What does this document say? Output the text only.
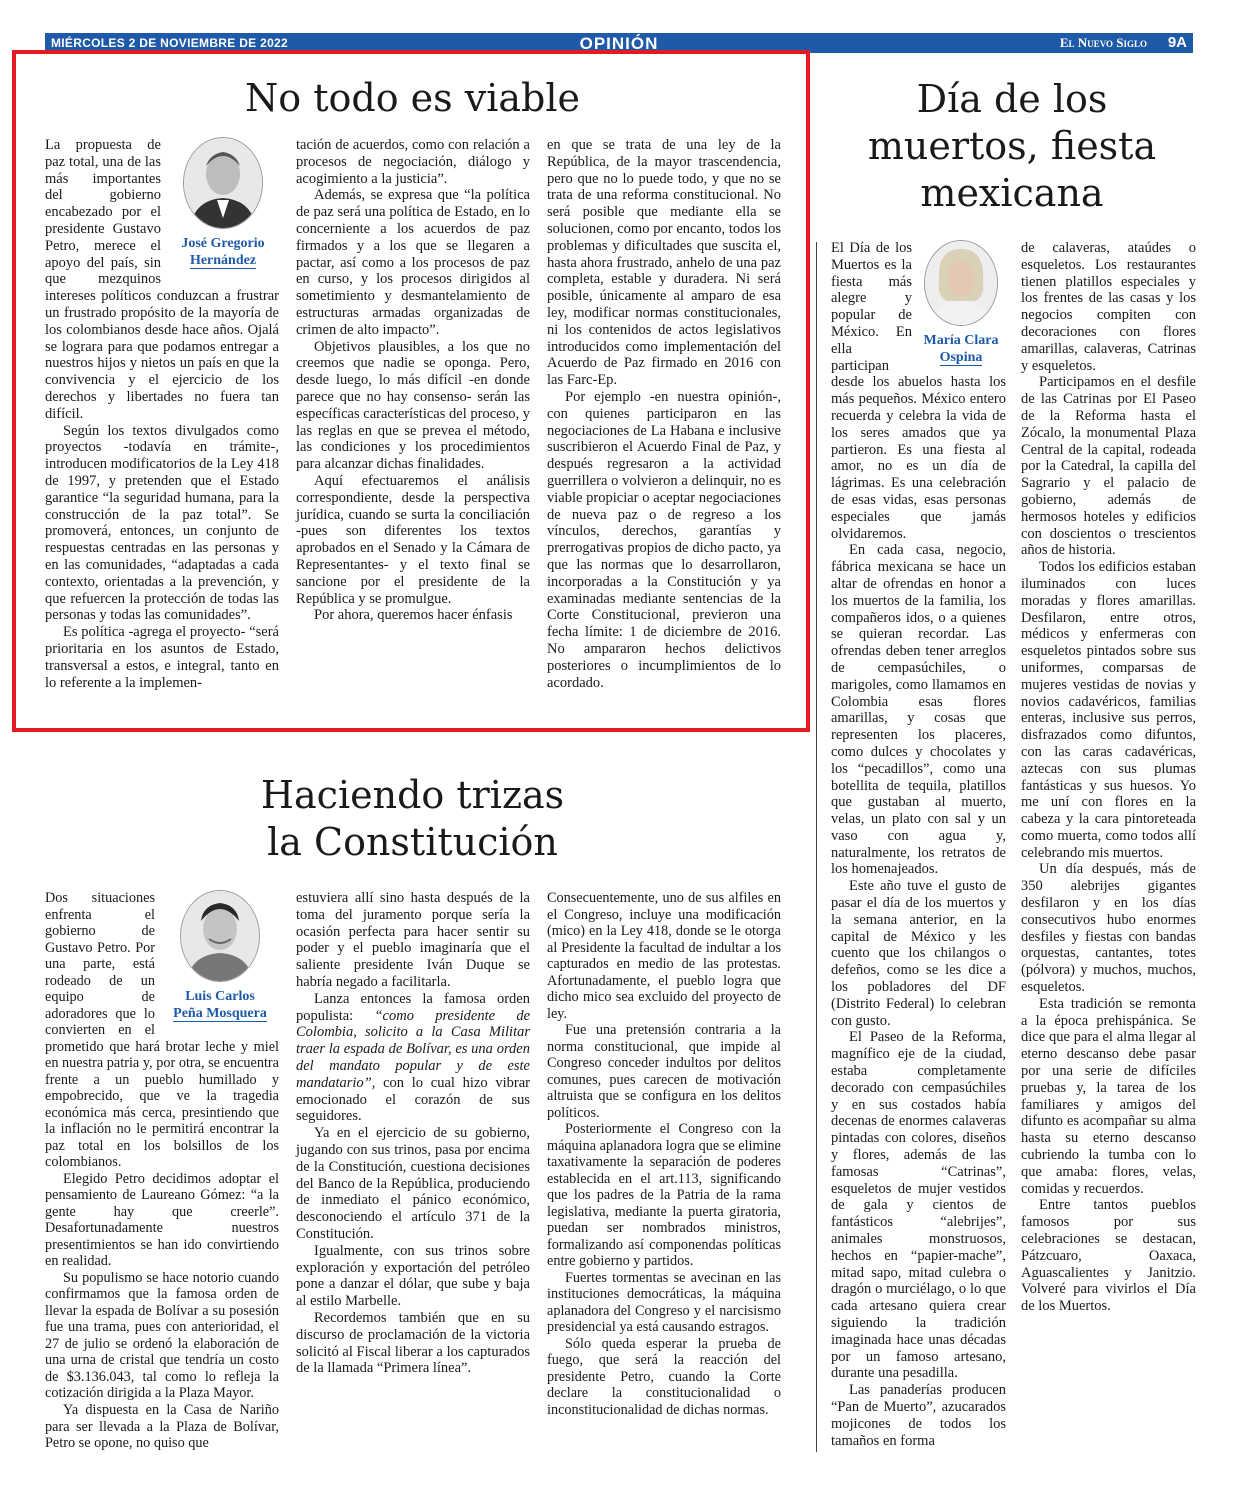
MIÉRCOLES 2 DE NOVIEMBRE DE 2022	OPINIÓN	El Nuevo Siglo 9A
No todo es viable
José Gregorio
Hernández

La propuesta de paz total, una de las más importantes del gobierno encabezado por el presidente Gustavo Petro, merece el apoyo del país, sin que mezquinos intereses políticos conduzcan a frustrar un frustrado propósito de la mayoría de los colombianos desde hace años. Ojalá se lograra para que podamos entregar a nuestros hijos y nietos un país en que la convivencia y el ejercicio de los derechos y libertades no fuera tan difícil.

Según los textos divulgados como proyectos -todavía en trámite-, introducen modificatorios de la Ley 418 de 1997, y pretenden que el Estado garantice “la seguridad humana, para la construcción de la paz total”. Se promoverá, entonces, un conjunto de respuestas centradas en las personas y en las comunidades, “adaptadas a cada contexto, orientadas a la prevención, y que refuercen la protección de todas las personas y todas las comunidades”.

Es política -agrega el proyecto- “será prioritaria en los asuntos de Estado, transversal a estos, e integral, tanto en lo referente a la implemen-

tación de acuerdos, como con relación a procesos de negociación, diálogo y acogimiento a la justicia”.

Además, se expresa que “la política de paz será una política de Estado, en lo concerniente a los acuerdos de paz firmados y a los que se llegaren a pactar, así como a los procesos de paz en curso, y los procesos dirigidos al sometimiento y desmantelamiento de estructuras armadas organizadas de crimen de alto impacto”.

Objetivos plausibles, a los que no creemos que nadie se oponga. Pero, desde luego, lo más difícil -en donde parece que no hay consenso- serán las específicas características del proceso, y las reglas en que se prevea el método, las condiciones y los procedimientos para alcanzar dichas finalidades.

Aquí efectuaremos el análisis correspondiente, desde la perspectiva jurídica, cuando se surta la conciliación -pues son diferentes los textos aprobados en el Senado y la Cámara de Representantes- y el texto final se sancione por el presidente de la República y se promulgue.

Por ahora, queremos hacer énfasis

en que se trata de una ley de la República, de la mayor trascendencia, pero que no lo puede todo, y que no se trata de una reforma constitucional. No será posible que mediante ella se solucionen, como por encanto, todos los problemas y dificultades que suscita el, hasta ahora frustrado, anhelo de una paz completa, estable y duradera. Ni será posible, únicamente al amparo de esa ley, modificar normas constitucionales, ni los contenidos de actos legislativos introducidos como implementación del Acuerdo de Paz firmado en 2016 con las Farc-Ep.

Por ejemplo -en nuestra opinión-, con quienes participaron en las negociaciones de La Habana e inclusive suscribieron el Acuerdo Final de Paz, y después regresaron a la actividad guerrillera o volvieron a delinquir, no es viable propiciar o aceptar negociaciones de nueva paz o de regreso a los vínculos, derechos, garantías y prerrogativas propios de dicho pacto, ya que las normas que lo desarrollaron, incorporadas a la Constitución y ya examinadas mediante sentencias de la Corte Constitucional, previeron una fecha límite: 1 de diciembre de 2016. No ampararon hechos delictivos posteriores o incumplimientos de lo acordado.

Haciendo trizas
la Constitución
Luis Carlos
Peña Mosquera

Dos situaciones enfrenta el gobierno de Gustavo Petro. Por una parte, está rodeado de un equipo de adoradores que lo convierten en el prometido que hará brotar leche y miel en nuestra patria y, por otra, se encuentra frente a un pueblo humillado y empobrecido, que ve la tragedia económica más cerca, presintiendo que la inflación no le permitirá encontrar la paz total en los bolsillos de los colombianos.

Elegido Petro decidimos adoptar el pensamiento de Laureano Gómez: “a la gente hay que creerle”. Desafortunadamente nuestros presentimientos se han ido convirtiendo en realidad.

Su populismo se hace notorio cuando confirmamos que la famosa orden de llevar la espada de Bolívar a su posesión fue una trama, pues con anterioridad, el 27 de julio se ordenó la elaboración de una urna de cristal que tendría un costo de $3.136.043, tal como lo refleja la cotización dirigida a la Plaza Mayor.

Ya dispuesta en la Casa de Nariño para ser llevada a la Plaza de Bolívar, Petro se opone, no quiso que

estuviera allí sino hasta después de la toma del juramento porque sería la ocasión perfecta para hacer sentir su poder y el pueblo imaginaría que el saliente presidente Iván Duque se habría negado a facilitarla.

Lanza entonces la famosa orden populista: “como presidente de Colombia, solicito a la Casa Militar traer la espada de Bolívar, es una orden del mandato popular y de este mandatario”, con lo cual hizo vibrar emocionado el corazón de sus seguidores.

Ya en el ejercicio de su gobierno, jugando con sus trinos, pasa por encima de la Constitución, cuestiona decisiones del Banco de la República, produciendo de inmediato el pánico económico, desconociendo el artículo 371 de la Constitución.

Igualmente, con sus trinos sobre exploración y exportación del petróleo pone a danzar el dólar, que sube y baja al estilo Marbelle.

Recordemos también que en su discurso de proclamación de la victoria solicitó al Fiscal liberar a los capturados de la llamada “Primera línea”.

Consecuentemente, uno de sus alfiles en el Congreso, incluye una modificación (mico) en la Ley 418, donde se le otorga al Presidente la facultad de indultar a los capturados en medio de las protestas. Afortunadamente, el pueblo logra que dicho mico sea excluido del proyecto de ley.

Fue una pretensión contraria a la norma constitucional, que impide al Congreso conceder indultos por delitos comunes, pues carecen de motivación altruista que se configura en los delitos políticos.

Posteriormente el Congreso con la máquina aplanadora logra que se elimine taxativamente la separación de poderes establecida en el art.113, significando que los padres de la Patria de la rama legislativa, mediante la puerta giratoria, puedan ser nombrados ministros, formalizando así componendas políticas entre gobierno y partidos.

Fuertes tormentas se avecinan en las instituciones democráticas, la máquina aplanadora del Congreso y el narcisismo presidencial ya está causando estragos.

Sólo queda esperar la prueba de fuego, que será la reacción del presidente Petro, cuando la Corte declare la constitucionalidad o inconstitucionalidad de dichas normas.

Día de los
muertos, fiesta
mexicana
María Clara
Ospina

El Día de los Muertos es la fiesta más alegre y popular de México. En ella participan desde los abuelos hasta los más pequeños. México entero recuerda y celebra la vida de los seres amados que ya partieron. Es una fiesta al amor, no es un día de lágrimas. Es una celebración de esas vidas, esas personas especiales que jamás olvidaremos.

En cada casa, negocio, fábrica mexicana se hace un altar de ofrendas en honor a los muertos de la familia, los compañeros idos, o a quienes se quieran recordar. Las ofrendas deben tener arreglos de cempasúchiles, o marigoles, como llamamos en Colombia esas flores amarillas, y cosas que representen los placeres, como dulces y chocolates y los “pecadillos”, como una botellita de tequila, platillos que gustaban al muerto, velas, un plato con sal y un vaso con agua y, naturalmente, los retratos de los homenajeados.

Este año tuve el gusto de pasar el día de los muertos y la semana anterior, en la capital de México y les cuento que los chilangos o defeños, como se les dice a los pobladores del DF (Distrito Federal) lo celebran con gusto.

El Paseo de la Reforma, magnífico eje de la ciudad, estaba completamente decorado con cempasúchiles y en sus costados había decenas de enormes calaveras pintadas con colores, diseños y flores, además de las famosas “Catrinas”, esqueletos de mujer vestidos de gala y cientos de fantásticos “alebrijes”, animales monstruosos, hechos en “papier-mache”, mitad sapo, mitad culebra o dragón o murciélago, o lo que cada artesano quiera crear siguiendo la tradición imaginada hace unas décadas por un famoso artesano, durante una pesadilla.

Las panaderías producen “Pan de Muerto”, azucarados mojicones de todos los tamaños en forma

de calaveras, ataúdes o esqueletos. Los restaurantes tienen platillos especiales y los frentes de las casas y los negocios compiten con decoraciones con flores amarillas, calaveras, Catrinas y esqueletos.

Participamos en el desfile de las Catrinas por El Paseo de la Reforma hasta el Zócalo, la monumental Plaza Central de la capital, rodeada por la Catedral, la capilla del Sagrario y el palacio de gobierno, además de hermosos hoteles y edificios con doscientos o trescientos años de historia.

Todos los edificios estaban iluminados con luces moradas y flores amarillas. Desfilaron, entre otros, médicos y enfermeras con esqueletos pintados sobre sus uniformes, comparsas de mujeres vestidas de novias y novios cadavéricos, familias enteras, inclusive sus perros, disfrazados como difuntos, con las caras cadavéricas, aztecas con sus plumas fantásticas y sus huesos. Yo me uní con flores en la cabeza y la cara pintoreteada como muerta, como todos allí celebrando mis muertos.

Un día después, más de 350 alebrijes gigantes desfilaron y en los días consecutivos hubo enormes desfiles y fiestas con bandas orquestas, cantantes, totes (pólvora) y muchos, muchos, esqueletos.

Esta tradición se remonta a la época prehispánica. Se dice que para el alma llegar al eterno descanso debe pasar por una serie de difíciles pruebas y, la tarea de los familiares y amigos del difunto es acompañar su alma hasta su eterno descanso cubriendo la tumba con lo que amaba: flores, velas, comidas y recuerdos.

Entre tantos pueblos famosos por sus celebraciones se destacan, Pátzcuaro, Oaxaca, Aguascalientes y Janitzio. Volveré para vivirlos el Día de los Muertos.
